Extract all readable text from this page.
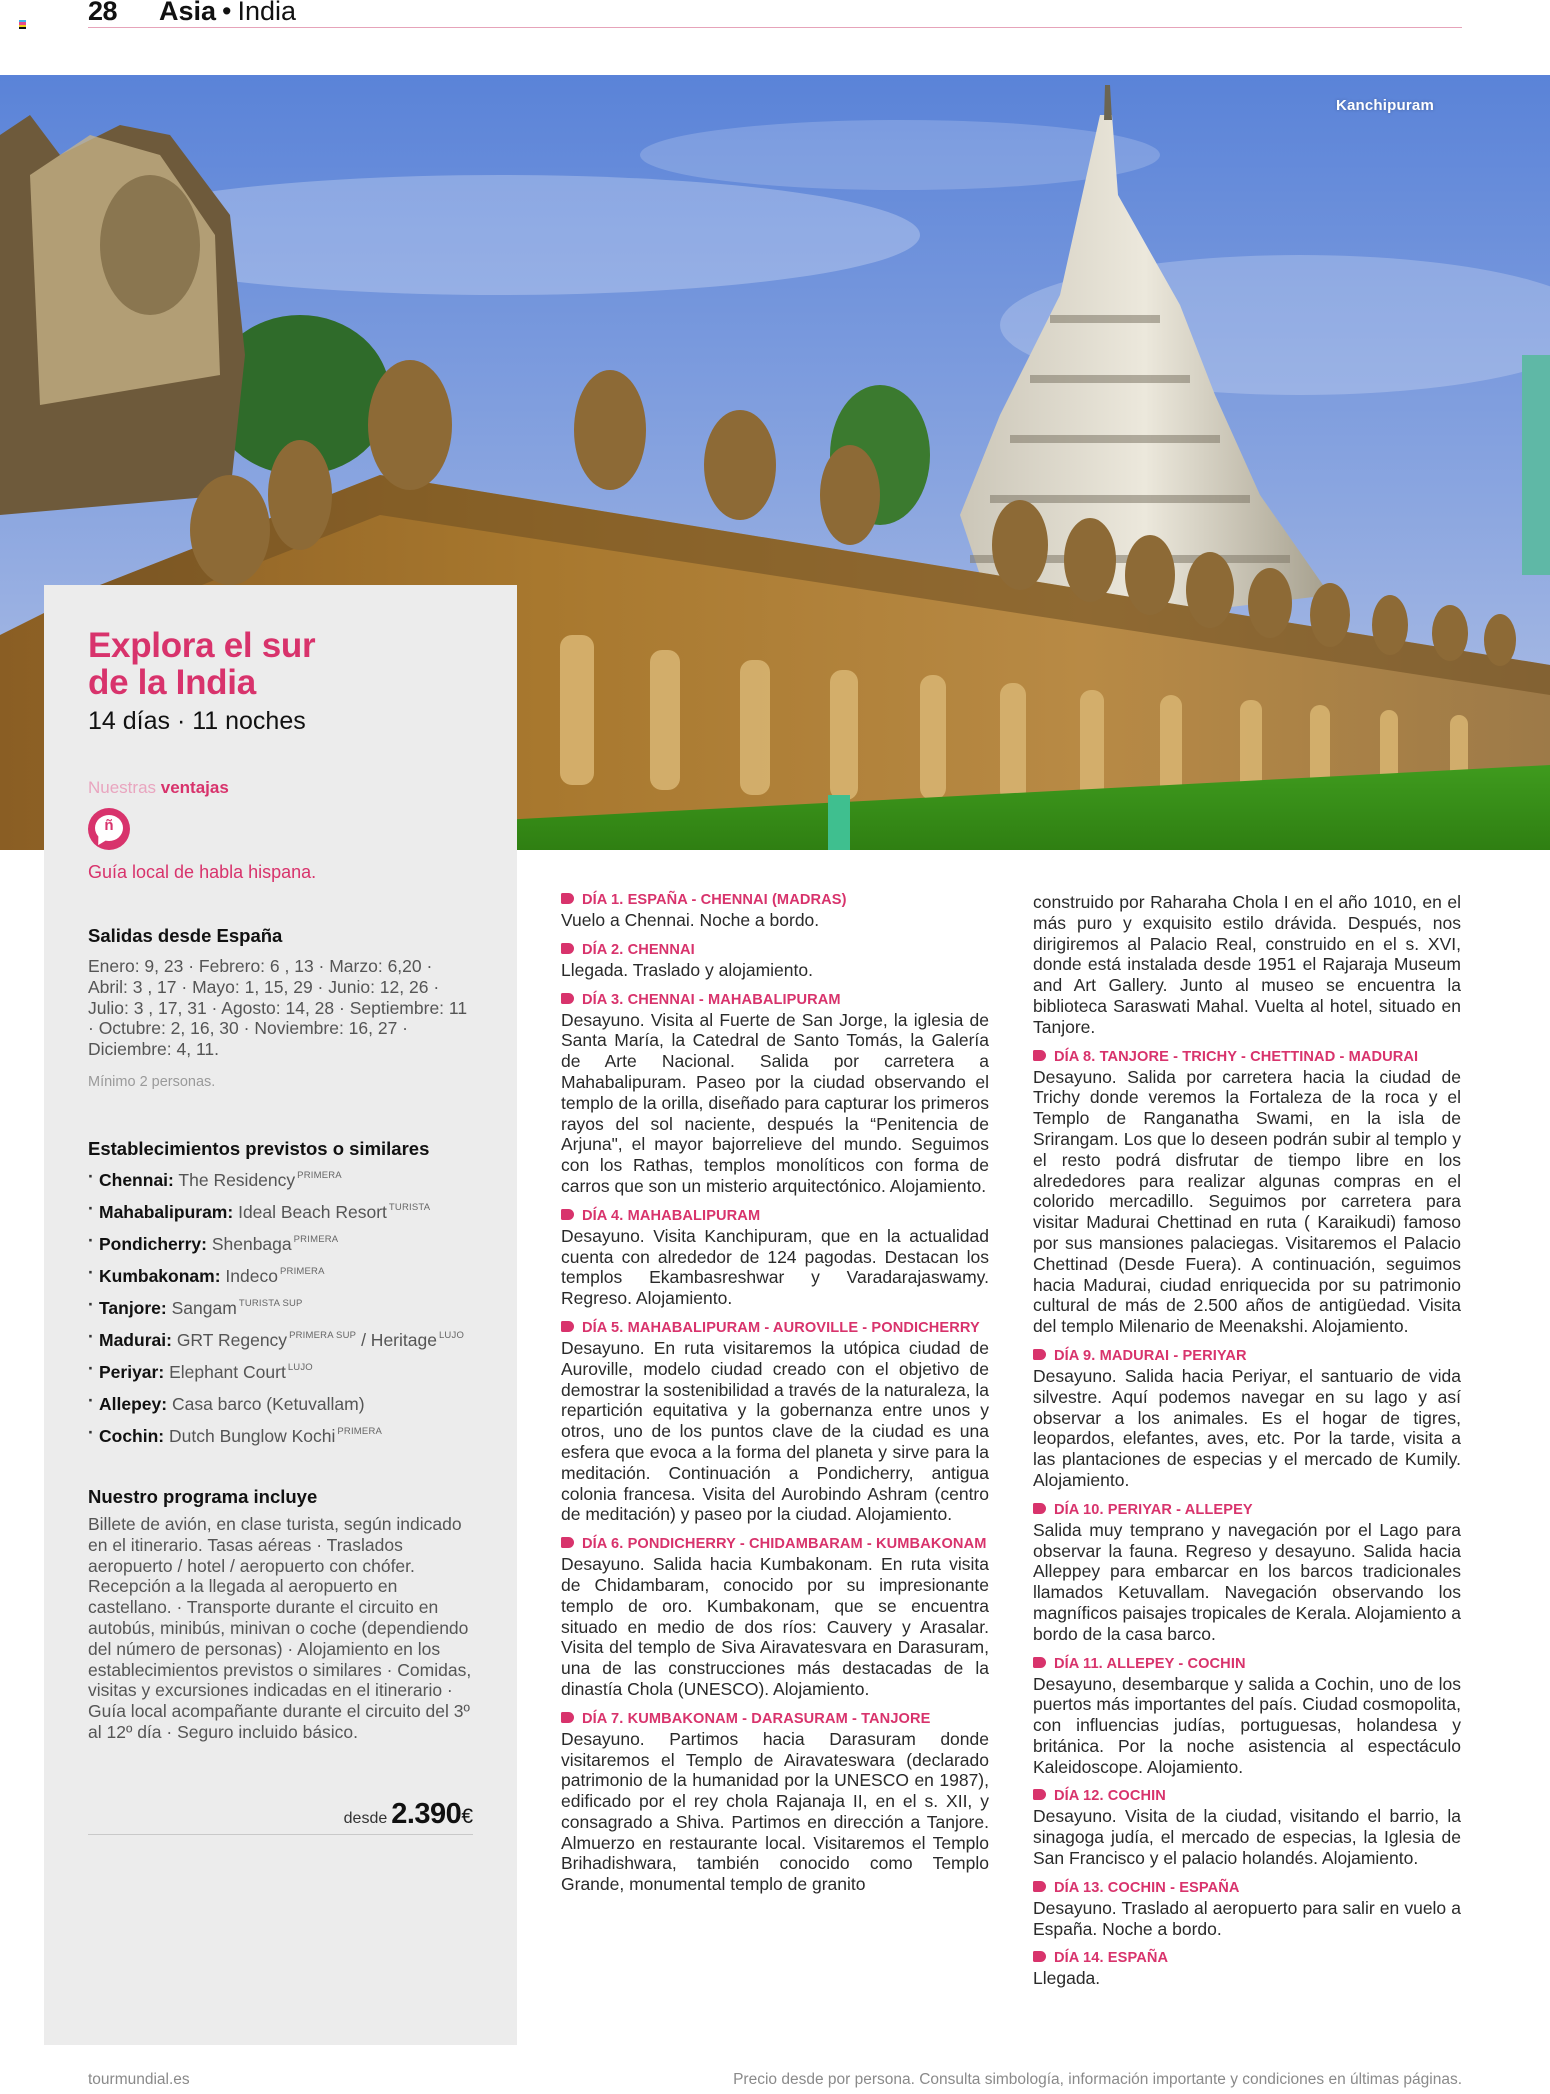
28 Asia • India
Kanchipuram
Explora el sur
de la India
14 días · 11 noches
Nuestras ventajas
ñ
Guía local de habla hispana.
Salidas desde España

Enero: 9, 23 · Febrero: 6 , 13 · Marzo: 6,20 · Abril: 3 , 17 · Mayo: 1, 15, 29 · Junio: 12, 26 · Julio: 3 , 17, 31 · Agosto: 14, 28 · Septiembre: 11 · Octubre: 2, 16, 30 · Noviembre: 16, 27 · Diciembre: 4, 11.

Mínimo 2 personas.

Establecimientos previstos o similares
· Chennai: The Residency $^{PRIMERA}$
· Mahabalipuram: Ideal Beach Resort $^{TURISTA}$
· Pondicherry: Shenbaga $^{PRIMERA}$
· Kumbakonam: Indeco $^{PRIMERA}$
· Tanjore: Sangam $^{TURISTA SUP}$
· Madurai: GRT Regency $^{PRIMERA SUP}$ / Heritage $^{LUJO}$
· Periyar: Elephant Court $^{LUJO}$
· Allepey: Casa barco (Ketuvallam)
· Cochin: Dutch Bunglow Kochi $^{PRIMERA}$
Nuestro programa incluye

Billete de avión, en clase turista, según indicado en el itinerario. Tasas aéreas · Traslados aeropuerto / hotel / aeropuerto con chófer. Recepción a la llegada al aeropuerto en castellano. · Transporte durante el circuito en autobús, minibús, minivan o coche (dependiendo del número de personas) · Alojamiento en los establecimientos previstos o similares · Comidas, visitas y excursiones indicadas en el itinerario · Guía local acompañante durante el circuito del 3º al 12º día · Seguro incluido básico.

desde 2.390€
DÍA 1. ESPAÑA - CHENNAI (MADRAS)
Vuelo a Chennai. Noche a bordo.
DÍA 2. CHENNAI
Llegada. Traslado y alojamiento.
DÍA 3. CHENNAI - MAHABALIPURAM
Desayuno. Visita al Fuerte de San Jorge, la iglesia de Santa María, la Catedral de Santo Tomás, la Galería de Arte Nacional. Salida por carretera a Mahabalipuram. Paseo por la ciudad observando el templo de la orilla, diseñado para capturar los primeros rayos del sol naciente, después la “Penitencia de Arjuna", el mayor bajorrelieve del mundo. Seguimos con los Rathas, templos monolíticos con forma de carros que son un misterio arquitectónico. Alojamiento.
DÍA 4. MAHABALIPURAM
Desayuno. Visita Kanchipuram, que en la actualidad cuenta con alrededor de 124 pagodas. Destacan los templos Ekambasreshwar y Varadarajaswamy. Regreso. Alojamiento.
DÍA 5. MAHABALIPURAM - AUROVILLE - PONDICHERRY
Desayuno. En ruta visitaremos la utópica ciudad de Auroville, modelo ciudad creado con el objetivo de demostrar la sostenibilidad a través de la naturaleza, la repartición equitativa y la gobernanza entre unos y otros, uno de los puntos clave de la ciudad es una esfera que evoca a la forma del planeta y sirve para la meditación. Continuación a Pondicherry, antigua colonia francesa. Visita del Aurobindo Ashram (centro de meditación) y paseo por la ciudad. Alojamiento.
DÍA 6. PONDICHERRY - CHIDAMBARAM - KUMBAKONAM
Desayuno. Salida hacia Kumbakonam. En ruta visita de Chidambaram, conocido por su impresionante templo de oro. Kumbakonam, que se encuentra situado en medio de dos ríos: Cauvery y Arasalar. Visita del templo de Siva Airavatesvara en Darasuram, una de las construcciones más destacadas de la dinastía Chola (UNESCO). Alojamiento.
DÍA 7. KUMBAKONAM - DARASURAM - TANJORE
Desayuno. Partimos hacia Darasuram donde visitaremos el Templo de Airavateswara (declarado patrimonio de la humanidad por la UNESCO en 1987), edificado por el rey chola Rajanaja II, en el s. XII, y consagrado a Shiva. Partimos en dirección a Tanjore. Almuerzo en restaurante local. Visitaremos el Templo Brihadishwara, también conocido como Templo Grande, monumental templo de granito
construido por Raharaha Chola I en el año 1010, en el más puro y exquisito estilo drávida. Después, nos dirigiremos al Palacio Real, construido en el s. XVI, donde está instalada desde 1951 el Rajaraja Museum and Art Gallery. Junto al museo se encuentra la biblioteca Saraswati Mahal. Vuelta al hotel, situado en Tanjore.
DÍA 8. TANJORE - TRICHY - CHETTINAD - MADURAI
Desayuno. Salida por carretera hacia la ciudad de Trichy donde veremos la Fortaleza de la roca y el Templo de Ranganatha Swami, en la isla de Srirangam. Los que lo deseen podrán subir al templo y el resto podrá disfrutar de tiempo libre en los alrededores para realizar algunas compras en el colorido mercadillo. Seguimos por carretera para visitar Madurai Chettinad en ruta ( Karaikudi) famoso por sus mansiones palaciegas. Visitaremos el Palacio Chettinad (Desde Fuera). A continuación, seguimos hacia Madurai, ciudad enriquecida por su patrimonio cultural de más de 2.500 años de antigüedad. Visita del templo Milenario de Meenakshi. Alojamiento.
DÍA 9. MADURAI - PERIYAR
Desayuno. Salida hacia Periyar, el santuario de vida silvestre. Aquí podemos navegar en su lago y así observar a los animales. Es el hogar de tigres, leopardos, elefantes, aves, etc. Por la tarde, visita a las plantaciones de especias y el mercado de Kumily. Alojamiento.
DÍA 10. PERIYAR - ALLEPEY
Salida muy temprano y navegación por el Lago para observar la fauna. Regreso y desayuno. Salida hacia Alleppey para embarcar en los barcos tradicionales llamados Ketuvallam. Navegación observando los magníficos paisajes tropicales de Kerala. Alojamiento a bordo de la casa barco.
DÍA 11. ALLEPEY - COCHIN
Desayuno, desembarque y salida a Cochin, uno de los puertos más importantes del país. Ciudad cosmopolita, con influencias judías, portuguesas, holandesa y británica. Por la noche asistencia al espectáculo Kaleidoscope. Alojamiento.
DÍA 12. COCHIN
Desayuno. Visita de la ciudad, visitando el barrio, la sinagoga judía, el mercado de especias, la Iglesia de San Francisco y el palacio holandés. Alojamiento.
DÍA 13. COCHIN - ESPAÑA
Desayuno. Traslado al aeropuerto para salir en vuelo a España. Noche a bordo.
DÍA 14. ESPAÑA
Llegada.
tourmundial.es	Precio desde por persona. Consulta simbología, información importante y condiciones en últimas páginas.
